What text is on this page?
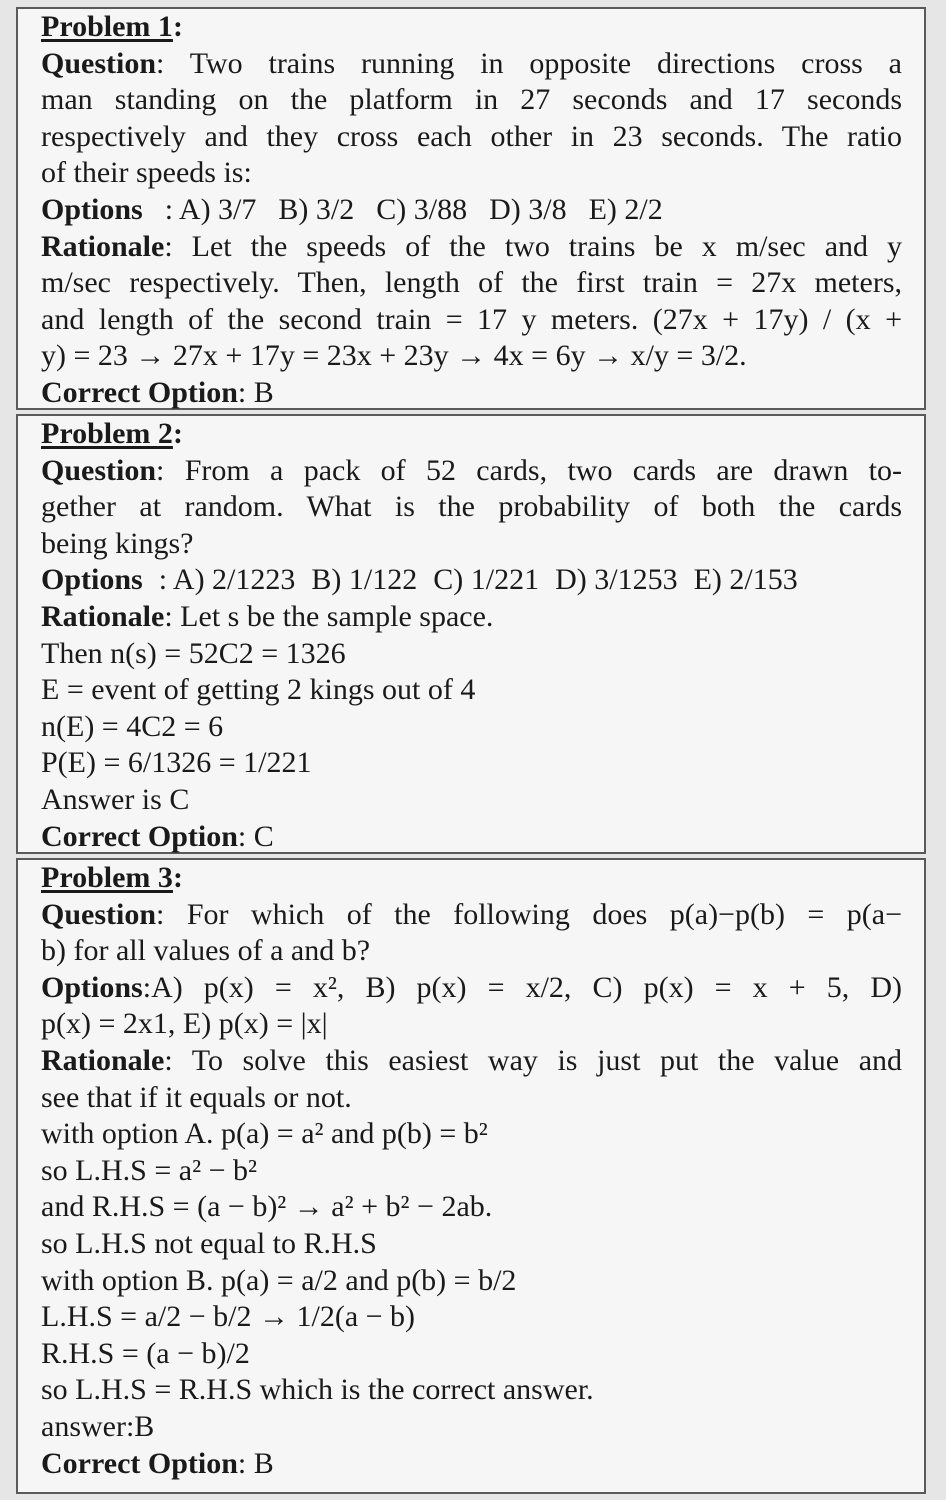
Problem 1:
Question: Two trains running in opposite directions cross a
man standing on the platform in 27 seconds and 17 seconds
respectively and they cross each other in 23 seconds. The ratio
of their speeds is:
Options : A) 3/7 B) 3/2 C) 3/88 D) 3/8 E) 2/2
Rationale: Let the speeds of the two trains be x m/sec and y
m/sec respectively. Then, length of the first train = 27x meters,
and length of the second train = 17 y meters. (27x + 17y) / (x +
y) = 23 → 27x + 17y = 23x + 23y → 4x = 6y → x/y = 3/2.
Correct Option: B
Problem 2:
Question: From a pack of 52 cards, two cards are drawn to-
gether at random. What is the probability of both the cards
being kings?
Options : A) 2/1223 B) 1/122 C) 1/221 D) 3/1253 E) 2/153
Rationale: Let s be the sample space.
Then n(s) = 52C2 = 1326
E = event of getting 2 kings out of 4
n(E) = 4C2 = 6
P(E) = 6/1326 = 1/221
Answer is C
Correct Option: C
Problem 3:
Question: For which of the following does p(a)−p(b) = p(a−
b) for all values of a and b?
Options:A) p(x) = x², B) p(x) = x/2, C) p(x) = x + 5, D)
p(x) = 2x1, E) p(x) = |x|
Rationale: To solve this easiest way is just put the value and
see that if it equals or not.
with option A. p(a) = a² and p(b) = b²
so L.H.S = a² − b²
and R.H.S = (a − b)² → a² + b² − 2ab.
so L.H.S not equal to R.H.S
with option B. p(a) = a/2 and p(b) = b/2
L.H.S = a/2 − b/2 → 1/2(a − b)
R.H.S = (a − b)/2
so L.H.S = R.H.S which is the correct answer.
answer:B
Correct Option: B
